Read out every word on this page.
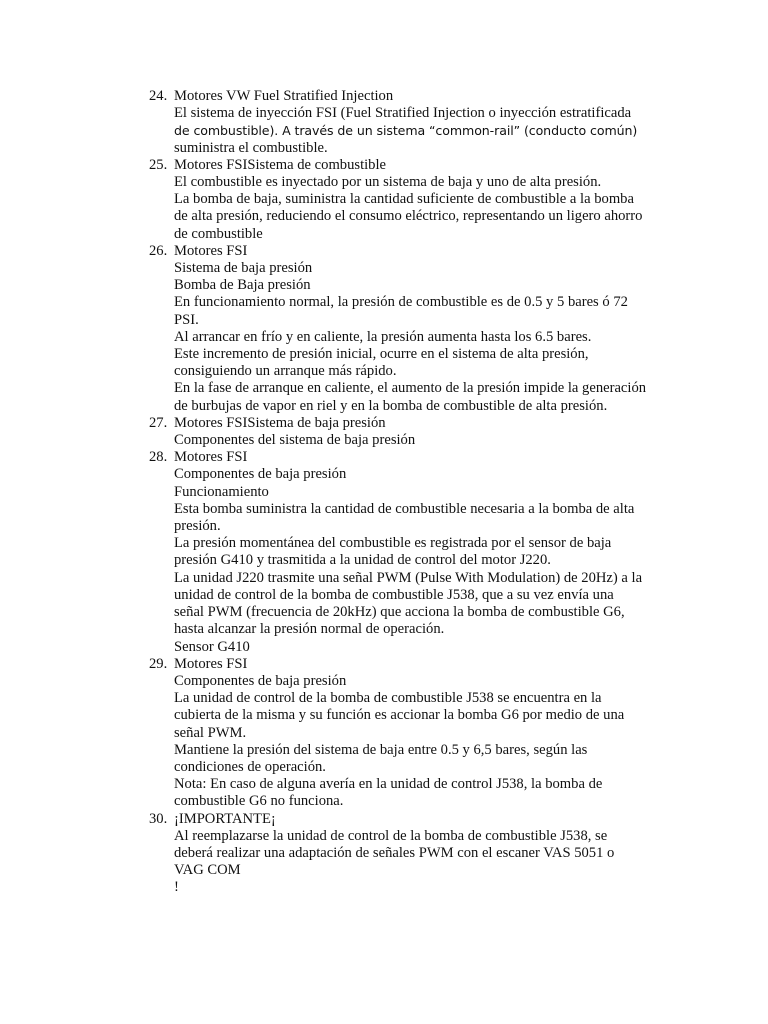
24. Motores VW Fuel Stratified Injection
El sistema de inyección FSI (Fuel Stratified Injection o inyección estratificada
de combustible). A través de un sistema “common-rail” (conducto común)
suministra el combustible.
25. Motores FSISistema de combustible
El combustible es inyectado por un sistema de baja y uno de alta presión.
La bomba de baja, suministra la cantidad suficiente de combustible a la bomba
de alta presión, reduciendo el consumo eléctrico, representando un ligero ahorro
de combustible
26. Motores FSI
Sistema de baja presión
Bomba de Baja presión
En funcionamiento normal, la presión de combustible es de 0.5 y 5 bares ó 72
PSI.
Al arrancar en frío y en caliente, la presión aumenta hasta los 6.5 bares.
Este incremento de presión inicial, ocurre en el sistema de alta presión,
consiguiendo un arranque más rápido.
En la fase de arranque en caliente, el aumento de la presión impide la generación
de burbujas de vapor en riel y en la bomba de combustible de alta presión.
27. Motores FSISistema de baja presión
Componentes del sistema de baja presión
28. Motores FSI
Componentes de baja presión
Funcionamiento
Esta bomba suministra la cantidad de combustible necesaria a la bomba de alta
presión.
La presión momentánea del combustible es registrada por el sensor de baja
presión G410 y trasmitida a la unidad de control del motor J220.
La unidad J220 trasmite una señal PWM (Pulse With Modulation) de 20Hz) a la
unidad de control de la bomba de combustible J538, que a su vez envía una
señal PWM (frecuencia de 20kHz) que acciona la bomba de combustible G6,
hasta alcanzar la presión normal de operación.
Sensor G410
29. Motores FSI
Componentes de baja presión
La unidad de control de la bomba de combustible J538 se encuentra en la
cubierta de la misma y su función es accionar la bomba G6 por medio de una
señal PWM.
Mantiene la presión del sistema de baja entre 0.5 y 6,5 bares, según las
condiciones de operación.
Nota: En caso de alguna avería en la unidad de control J538, la bomba de
combustible G6 no funciona.
30. ¡IMPORTANTE¡
Al reemplazarse la unidad de control de la bomba de combustible J538, se
deberá realizar una adaptación de señales PWM con el escaner VAS 5051 o
VAG COM
!
